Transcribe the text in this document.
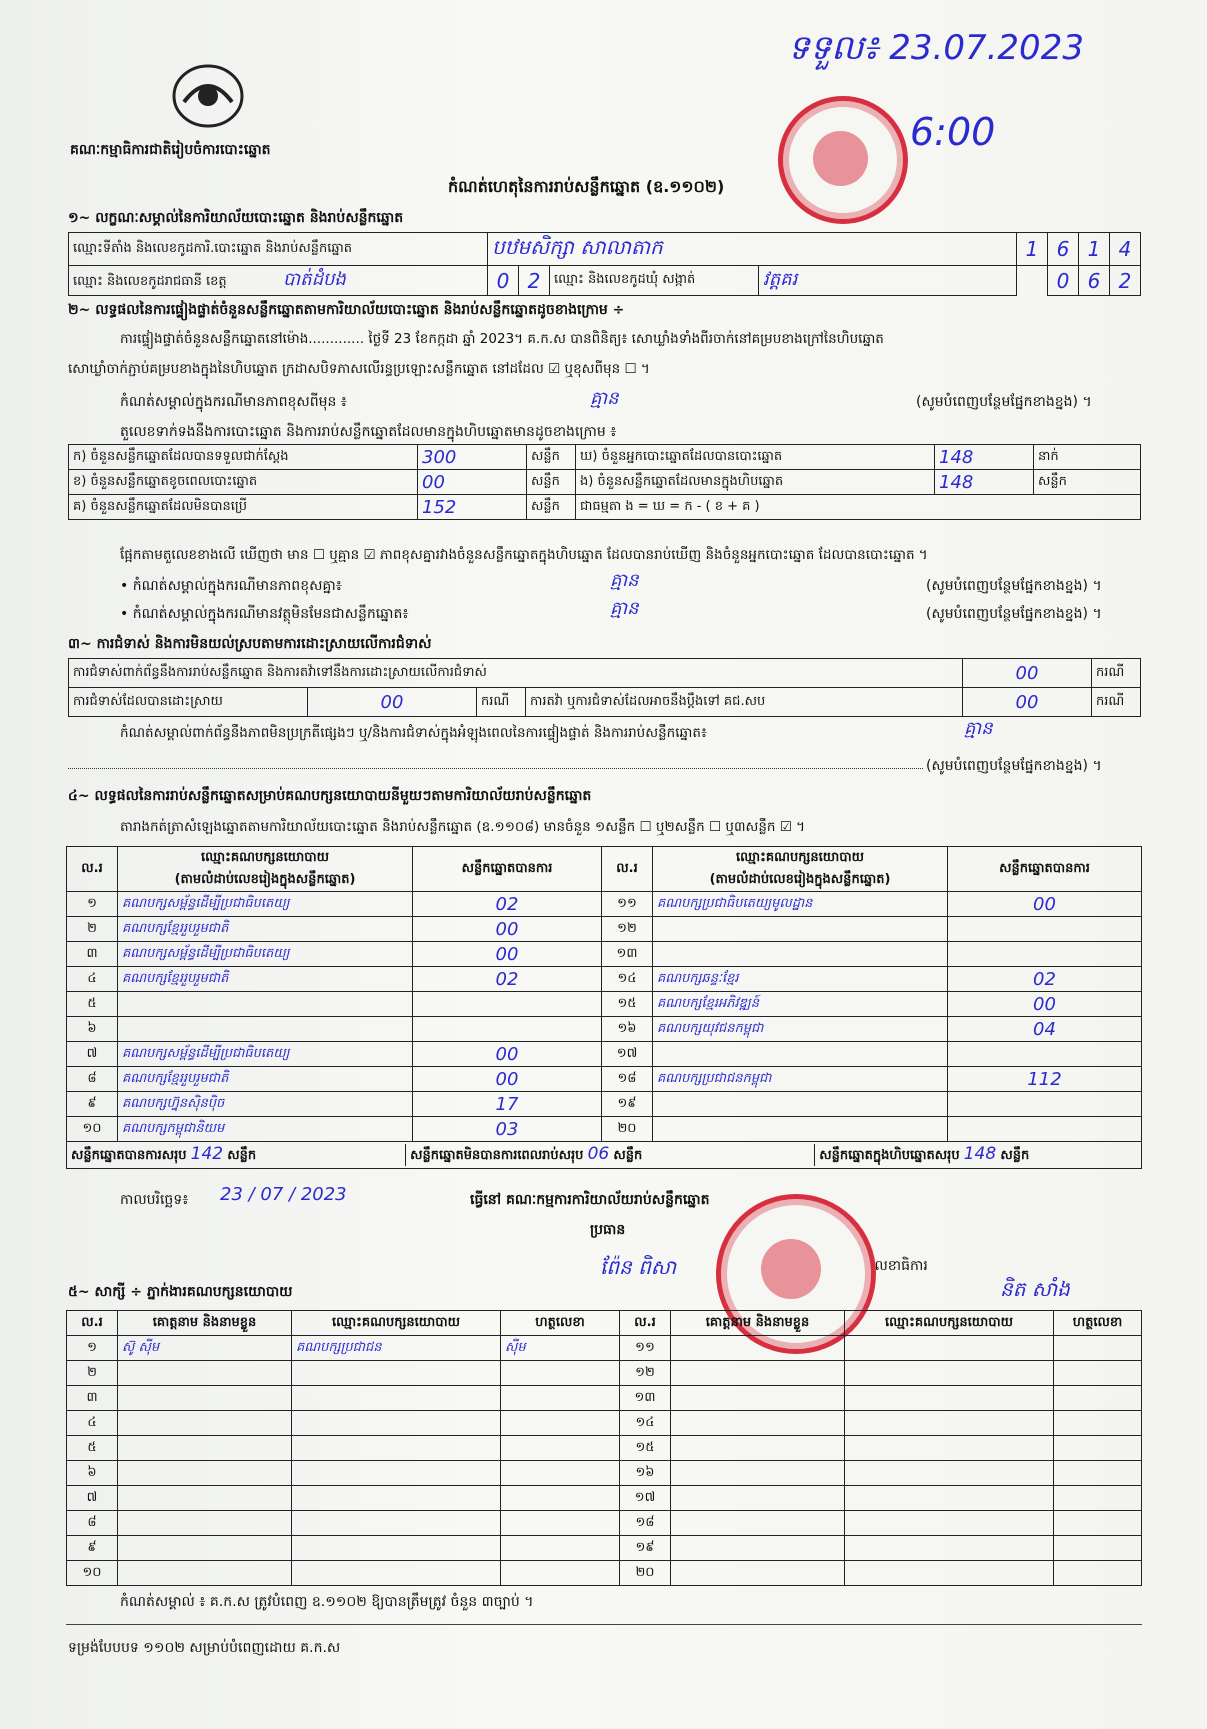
ទទួល៖ 23.07.2023
6:00
គណៈកម្មាធិការជាតិរៀបចំការបោះឆ្នោត
កំណត់ហេតុនៃការរាប់សន្លឹកឆ្នោត (ឧ.១១០២)
១~ លក្ខណៈសម្គាល់នៃការិយាល័យបោះឆ្នោត និងរាប់សន្លឹកឆ្នោត
ឈ្មោះទីតាំង និងលេខកូដការិ.បោះឆ្នោត និងរាប់សន្លឹកឆ្នោត	បឋមសិក្សា សាលាតាក				1	6	1	4
ឈ្មោះ និងលេខកូដរាជធានី ខេត្ត បាត់ដំបង	0	2	ឈ្មោះ និងលេខកូដឃុំ សង្កាត់	វត្តគរ		0	6	2
២~ លទ្ធផលនៃការផ្ទៀងផ្ទាត់ចំនួនសន្លឹកឆ្នោតតាមការិយាល័យបោះឆ្នោត និងរាប់សន្លឹកឆ្នោតដូចខាងក្រោម ÷
ការផ្ទៀងផ្ទាត់ចំនួនសន្លឹកឆ្នោតនៅម៉ោង............. ថ្ងៃទី 23 ខែកក្កដា ឆ្នាំ 2023។ គ.ក.ស បានពិនិត្យ៖ សោឃ្លាំងទាំងពីរចាក់នៅគម្របខាងក្រៅនៃហិបឆ្នោត
សោឃ្លាំចាក់ភ្ជាប់គម្របខាងក្នុងនៃហិបឆ្នោត ក្រដាសបិទភាសលើរន្ធប្រឡោះសន្លឹកឆ្នោត នៅដដែល ☑ ឬខុសពីមុន ☐ ។
កំណត់សម្គាល់ក្នុងករណីមានភាពខុសពីមុន ៖	គ្មាន	(សូមបំពេញបន្ថែមផ្នែកខាងខ្នង) ។
តួលេខទាក់ទងនឹងការបោះឆ្នោត និងការរាប់សន្លឹកឆ្នោតដែលមានក្នុងហិបឆ្នោតមានដូចខាងក្រោម ៖
ក) ចំនួនសន្លឹកឆ្នោតដែលបានទទួលជាក់ស្តែង	300	សន្លឹក	ឃ) ចំនួនអ្នកបោះឆ្នោតដែលបានបោះឆ្នោត	148	នាក់
ខ) ចំនួនសន្លឹកឆ្នោតខូចពេលបោះឆ្នោត	00	សន្លឹក	ង) ចំនួនសន្លឹកឆ្នោតដែលមានក្នុងហិបឆ្នោត	148	សន្លឹក
គ) ចំនួនសន្លឹកឆ្នោតដែលមិនបានប្រើ	152	សន្លឹក	ជាធម្មតា ង = ឃ = ក - ( ខ + គ )		
ផ្អែកតាមតួលេខខាងលើ ឃើញថា មាន ☐ ឬគ្មាន ☑ ភាពខុសគ្នារវាងចំនួនសន្លឹកឆ្នោតក្នុងហិបឆ្នោត ដែលបានរាប់ឃើញ និងចំនួនអ្នកបោះឆ្នោត ដែលបានបោះឆ្នោត ។
• កំណត់សម្គាល់ក្នុងករណីមានភាពខុសគ្នា៖	គ្មាន	(សូមបំពេញបន្ថែមផ្នែកខាងខ្នង) ។
• កំណត់សម្គាល់ក្នុងករណីមានវត្ថុមិនមែនជាសន្លឹកឆ្នោត៖	គ្មាន	(សូមបំពេញបន្ថែមផ្នែកខាងខ្នង) ។
៣~ ការជំទាស់ និងការមិនយល់ស្របតាមការដោះស្រាយលើការជំទាស់
ការជំទាស់ពាក់ព័ន្ធនឹងការរាប់សន្លឹកឆ្នោត និងការតវ៉ាទៅនឹងការដោះស្រាយលើការជំទាស់				00	ករណី
ការជំទាស់ដែលបានដោះស្រាយ	00	ករណី	ការតវ៉ា ឬការជំទាស់ដែលអាចនឹងប្តឹងទៅ គជ.សប	00	ករណី
កំណត់សម្គាល់ពាក់ព័ន្ធនឹងភាពមិនប្រក្រតីផ្សេងៗ ឬ/និងការជំទាស់ក្នុងអំឡុងពេលនៃការផ្ទៀងផ្ទាត់ និងការរាប់សន្លឹកឆ្នោត៖	គ្មាន
(សូមបំពេញបន្ថែមផ្នែកខាងខ្នង) ។
៤~ លទ្ធផលនៃការរាប់សន្លឹកឆ្នោតសម្រាប់គណបក្សនយោបាយនីមួយៗតាមការិយាល័យរាប់សន្លឹកឆ្នោត
តារាងកត់ត្រាសំឡេងឆ្នោតតាមការិយាល័យបោះឆ្នោត និងរាប់សន្លឹកឆ្នោត (ឧ.១១០៨) មានចំនួន ១សន្លឹក ☐ ឬ២សន្លឹក ☐ ឬ៣សន្លឹក ☑ ។
ល.រ	ឈ្មោះគណបក្សនយោបាយ	សន្លឹកឆ្នោតបានការ	ល.រ	ឈ្មោះគណបក្សនយោបាយ	សន្លឹកឆ្នោតបានការ
	(តាមលំដាប់លេខរៀងក្នុងសន្លឹកឆ្នោត)			(តាមលំដាប់លេខរៀងក្នុងសន្លឹកឆ្នោត)	
១	គណបក្សសម្ព័ន្ធដើម្បីប្រជាធិបតេយ្យ	02	១១	គណបក្សប្រជាធិបតេយ្យមូលដ្ឋាន	00
២	គណបក្សខ្មែររួបរួមជាតិ	00	១២		
៣	គណបក្សសម្ព័ន្ធដើម្បីប្រជាធិបតេយ្យ	00	១៣		
៤	គណបក្សខ្មែររួបរួមជាតិ	02	១៤	គណបក្សឆន្ទៈខ្មែរ	02
៥			១៥	គណបក្សខ្មែរអភិវឌ្ឍន៍	00
៦			១៦	គណបក្សយុវជនកម្ពុជា	04
៧	គណបក្សសម្ព័ន្ធដើម្បីប្រជាធិបតេយ្យ	00	១៧		
៨	គណបក្សខ្មែររួបរួមជាតិ	00	១៨	គណបក្សប្រជាជនកម្ពុជា	112
៩	គណបក្សហ្វ៊ុនស៊ិនប៉ិច	17	១៩		
១០	គណបក្សកម្ពុជានិយម	03	២០		
សន្លឹកឆ្នោតបានការសរុប 142 សន្លឹក សន្លឹកឆ្នោតមិនបានការពេលរាប់សរុប 06 សន្លឹក សន្លឹកឆ្នោតក្នុងហិបឆ្នោតសរុប 148 សន្លឹក					
កាលបរិច្ឆេទ៖ 23 / 07 / 2023	ធ្វើនៅ គណៈកម្មការការិយាល័យរាប់សន្លឹកឆ្នោត
ប្រធាន
ព៉ែន ពិសា	លេខាធិការ
និត សាំង
៥~ សាក្សី ÷ ភ្នាក់ងារគណបក្សនយោបាយ
ល.រ	គោត្តនាម និងនាមខ្លួន	ឈ្មោះគណបក្សនយោបាយ	ហត្ថលេខា	ល.រ	គោត្តនាម និងនាមខ្លួន	ឈ្មោះគណបក្សនយោបាយ	ហត្ថលេខា
១	ស៊ូ ស៊ីម	គណបក្សប្រជាជន	ស៊ីម	១១			
២				១២			
៣				១៣			
៤				១៤			
៥				១៥			
៦				១៦			
៧				១៧			
៨				១៨			
៩				១៩			
១០				២០			
កំណត់សម្គាល់ ៖ គ.ក.ស ត្រូវបំពេញ ឧ.១១០២ ឱ្យបានត្រឹមត្រូវ ចំនួន ៣ច្បាប់ ។
ទម្រង់បែបបទ ១១០២ សម្រាប់បំពេញដោយ គ.ក.ស
